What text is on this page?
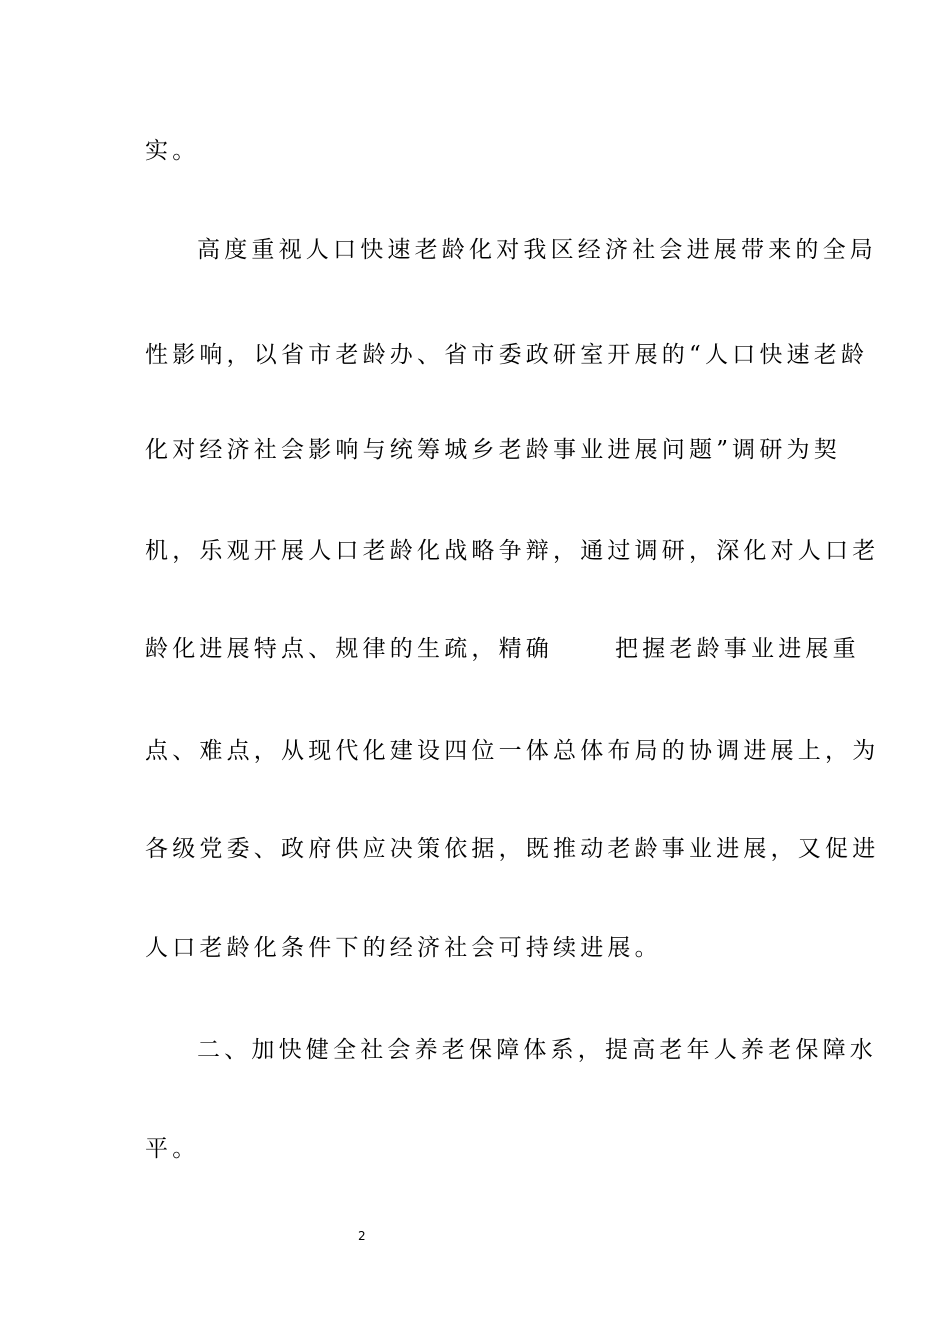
实。
高度重视人口快速老龄化对我区经济社会进展带来的全局
性影响，以省市老龄办、省市委政研室开展的“人口快速老龄
化对经济社会影响与统筹城乡老龄事业进展问题”调研为契
机，乐观开展人口老龄化战略争辩，通过调研，深化对人口老
龄化进展特点、规律的生疏，精确	把握老龄事业进展重
点、难点，从现代化建设四位一体总体布局的协调进展上，为
各级党委、政府供应决策依据，既推动老龄事业进展，又促进
人口老龄化条件下的经济社会可持续进展。
二、加快健全社会养老保障体系，提高老年人养老保障水
平。
2
